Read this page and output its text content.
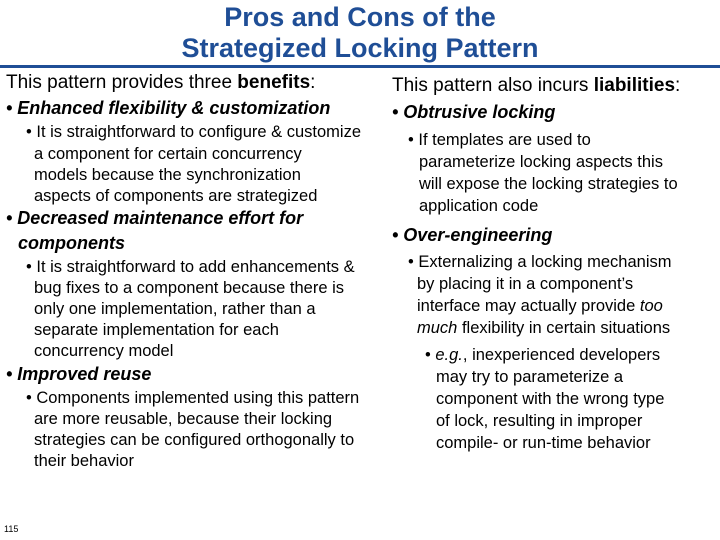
Pros and Cons of the
Strategized Locking Pattern
This pattern provides three benefits:
• Enhanced flexibility & customization
• It is straightforward to configure & customize
a component for certain concurrency
models because the synchronization
aspects of components are strategized
• Decreased maintenance effort for
components
• It is straightforward to add enhancements &
bug fixes to a component because there is
only one implementation, rather than a
separate implementation for each
concurrency model
• Improved reuse
• Components implemented using this pattern
are more reusable, because their locking
strategies can be configured orthogonally to
their behavior
This pattern also incurs liabilities:
• Obtrusive locking
• If templates are used to
parameterize locking aspects this
will expose the locking strategies to
application code
• Over-engineering
• Externalizing a locking mechanism
by placing it in a component’s
interface may actually provide too
much flexibility in certain situations
• e.g., inexperienced developers
may try to parameterize a
component with the wrong type
of lock, resulting in improper
compile- or run-time behavior
115
